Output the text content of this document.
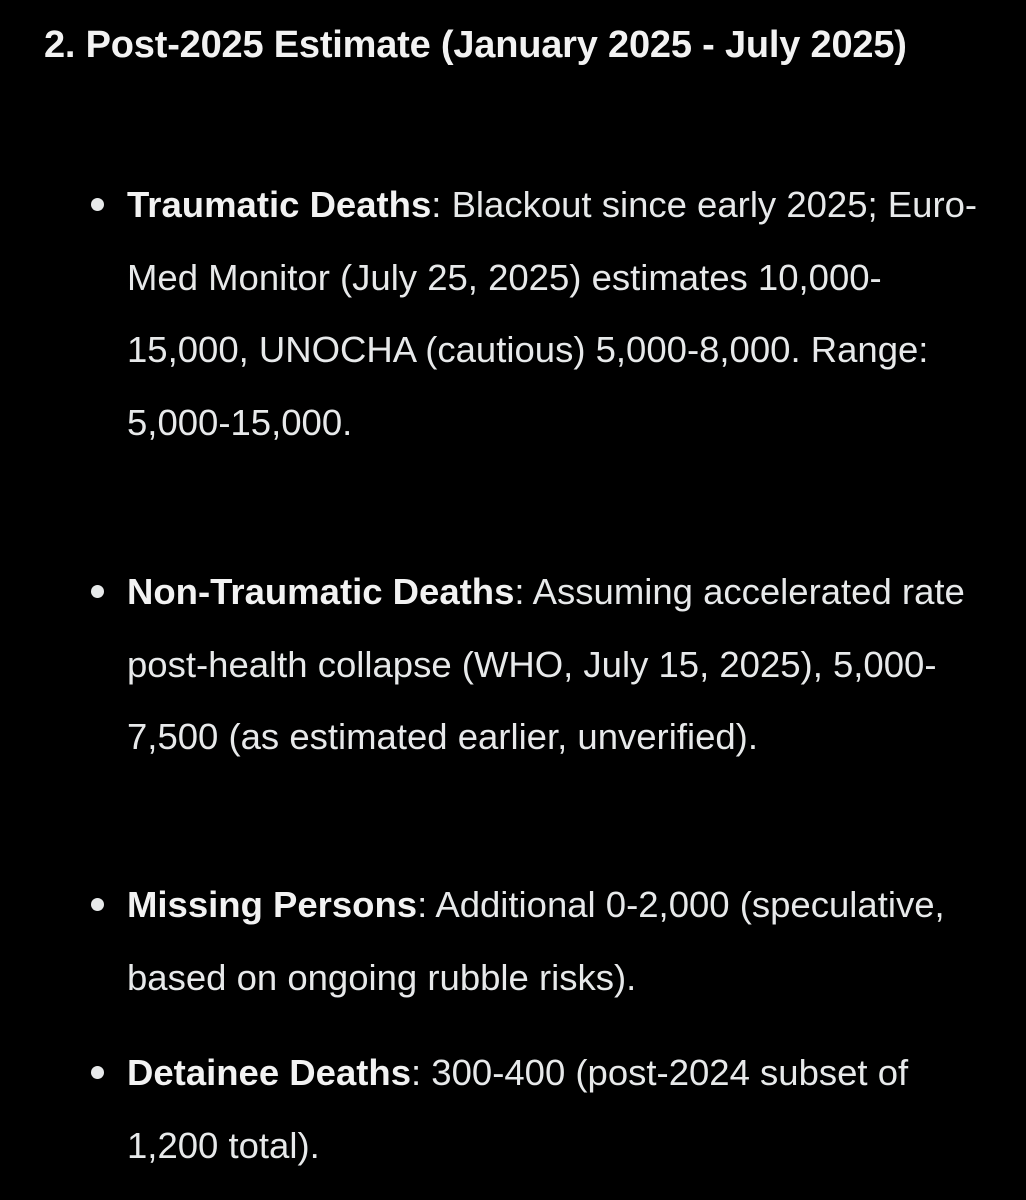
2. Post-2025 Estimate (January 2025 - July 2025)
Traumatic Deaths: Blackout since early 2025; Euro-Med Monitor (July 25, 2025) estimates 10,000-15,000, UNOCHA (cautious) 5,000-8,000. Range: 5,000-15,000.
Non-Traumatic Deaths: Assuming accelerated rate post-health collapse (WHO, July 15, 2025), 5,000-7,500 (as estimated earlier, unverified).
Missing Persons: Additional 0-2,000 (speculative, based on ongoing rubble risks).
Detainee Deaths: 300-400 (post-2024 subset of 1,200 total).
